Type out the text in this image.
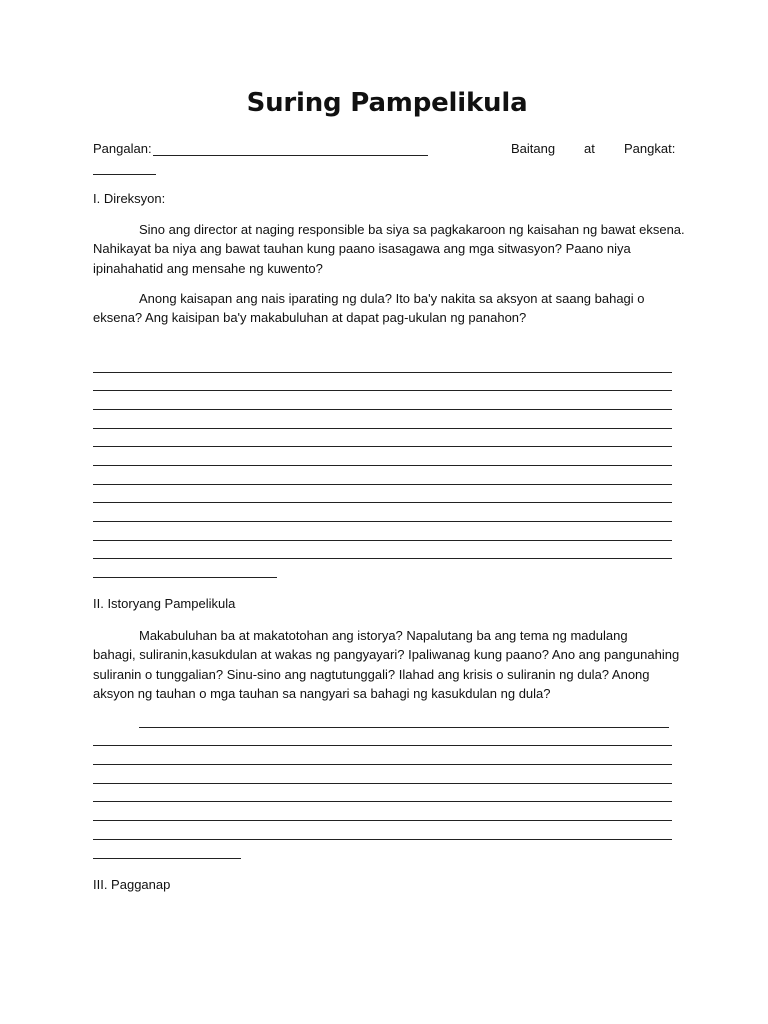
Suring Pampelikula
Pangalan:	Baitang at Pangkat:
I. Direksyon:
Sino ang director at naging responsible ba siya sa pagkakaroon ng kaisahan ng bawat eksena.
Nahikayat ba niya ang bawat tauhan kung paano isasagawa ang mga sitwasyon? Paano niya
ipinahahatid ang mensahe ng kuwento?
Anong kaisapan ang nais iparating ng dula? Ito ba'y nakita sa aksyon at saang bahagi o
eksena? Ang kaisipan ba'y makabuluhan at dapat pag-ukulan ng panahon?
II. Istoryang Pampelikula
Makabuluhan ba at makatotohan ang istorya? Napalutang ba ang tema ng madulang
bahagi, suliranin,kasukdulan at wakas ng pangyayari? Ipaliwanag kung paano? Ano ang pangunahing
suliranin o tunggalian? Sinu-sino ang nagtutunggali? Ilahad ang krisis o suliranin ng dula? Anong
aksyon ng tauhan o mga tauhan sa nangyari sa bahagi ng kasukdulan ng dula?
III. Pagganap
